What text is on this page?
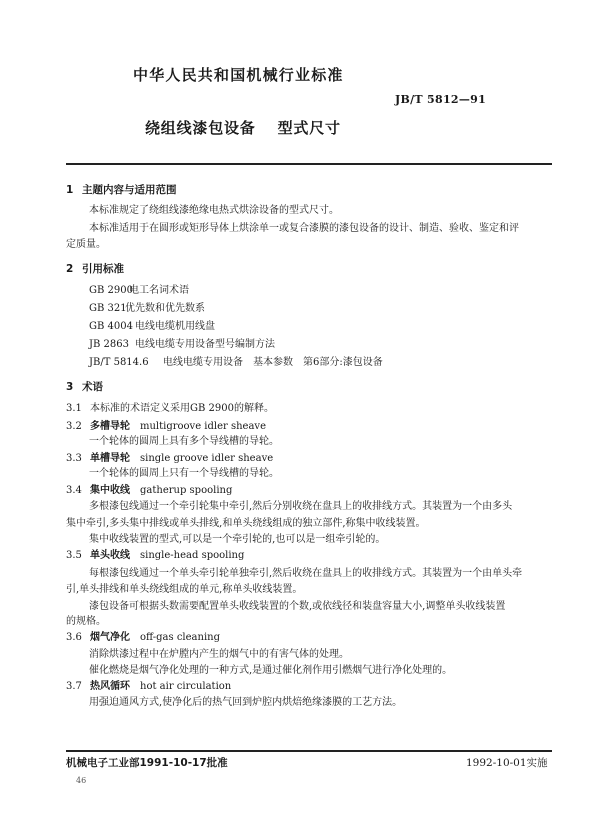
中华人民共和国机械行业标准
JB/T 5812—91
绕组线漆包设备 型式尺寸
1 主题内容与适用范围
本标准规定了绕组线漆绝缘电热式烘涂设备的型式尺寸。
本标准适用于在圆形或矩形导体上烘涂单一或复合漆膜的漆包设备的设计、制造、验收、鉴定和评
定质量。
2 引用标准
GB 2900电工名词术语
GB 321优先数和优先数系
GB 4004 电线电缆机用线盘
JB 2863 电线电缆专用设备型号编制方法
JB/T 5814.6 电线电缆专用设备　基本参数　第6部分:漆包设备
3 术语
3.1 本标准的术语定义采用GB 2900的解释。
3.2 多槽导轮 multigroove idler sheave
一个轮体的圆周上具有多个导线槽的导轮。
3.3 单槽导轮 single groove idler sheave
一个轮体的圆周上只有一个导线槽的导轮。
3.4 集中收线 gatherup spooling
多根漆包线通过一个牵引轮集中牵引,然后分别收绕在盘具上的收排线方式。其装置为一个由多头
集中牵引,多头集中排线或单头排线,和单头绕线组成的独立部件,称集中收线装置。
集中收线装置的型式,可以是一个牵引轮的,也可以是一组牵引轮的。
3.5 单头收线 single-head spooling
每根漆包线通过一个单头牵引轮单独牵引,然后收绕在盘具上的收排线方式。其装置为一个由单头牵
引,单头排线和单头绕线组成的单元,称单头收线装置。
漆包设备可根据头数需要配置单头收线装置的个数,或依线径和装盘容量大小,调整单头收线装置
的规格。
3.6 烟气净化 off-gas cleaning
消除烘漆过程中在炉膛内产生的烟气中的有害气体的处理。
催化燃烧是烟气净化处理的一种方式,是通过催化剂作用引燃烟气进行净化处理的。
3.7 热风循环 hot air circulation
用强迫通风方式,使净化后的热气回到炉腔内烘焙绝缘漆膜的工艺方法。
机械电子工业部1991-10-17批准	1992-10-01实施
46
